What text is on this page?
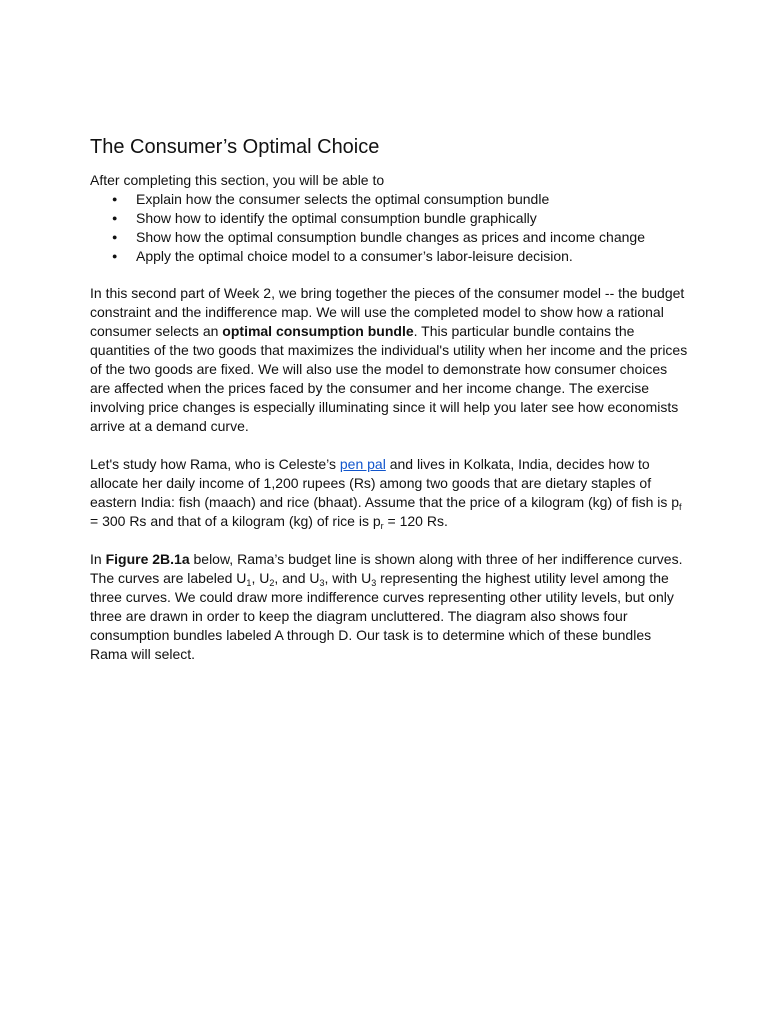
The Consumer’s Optimal Choice

After completing this section, you will be able to

● Explain how the consumer selects the optimal consumption bundle
● Show how to identify the optimal consumption bundle graphically
● Show how the optimal consumption bundle changes as prices and income change
● Apply the optimal choice model to a consumer’s labor-leisure decision.

In this second part of Week 2, we bring together the pieces of the consumer model -- the budget constraint and the indifference map. We will use the completed model to show how a rational consumer selects an optimal consumption bundle. This particular bundle contains the quantities of the two goods that maximizes the individual's utility when her income and the prices of the two goods are fixed. We will also use the model to demonstrate how consumer choices are affected when the prices faced by the consumer and her income change. The exercise involving price changes is especially illuminating since it will help you later see how economists arrive at a demand curve.

Let's study how Rama, who is Celeste’s pen pal and lives in Kolkata, India, decides how to allocate her daily income of 1,200 rupees (Rs) among two goods that are dietary staples of eastern India: fish (maach) and rice (bhaat). Assume that the price of a kilogram (kg) of fish is $p_f = 300$ Rs and that of a kilogram (kg) of rice is $p_r = 120$ Rs.

In Figure 2B.1a below, Rama’s budget line is shown along with three of her indifference curves. The curves are labeled $U_1$, $U_2$, and $U_3$, with $U_3$ representing the highest utility level among the three curves. We could draw more indifference curves representing other utility levels, but only three are drawn in order to keep the diagram uncluttered. The diagram also shows four consumption bundles labeled A through D. Our task is to determine which of these bundles Rama will select.
